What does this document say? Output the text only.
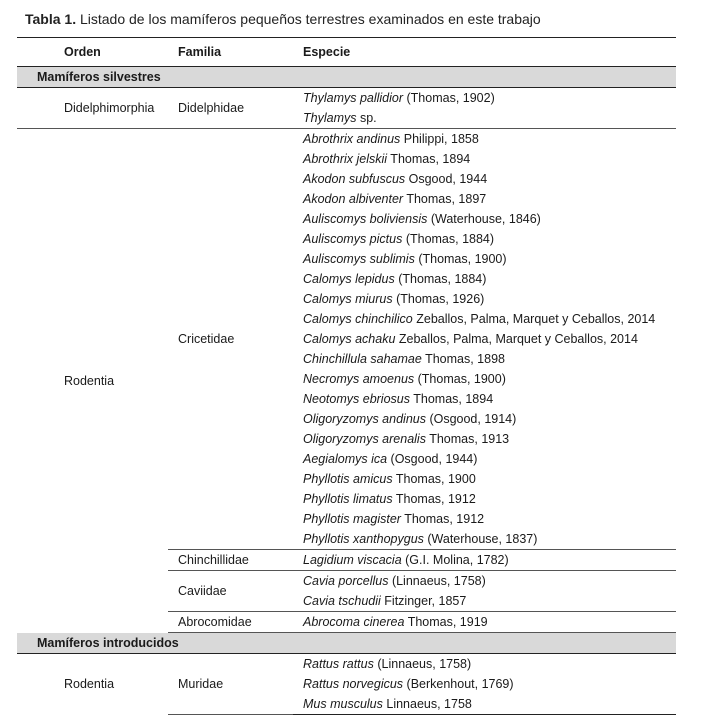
Tabla 1. Listado de los mamíferos pequeños terrestres examinados en este trabajo
Orden	Familia	Especie
Mamíferos silvestres		
Didelphimorphia	Didelphidae	Thylamys pallidior (Thomas, 1902)
		Thylamys sp.
Rodentia	Cricetidae	Abrothrix andinus Philippi, 1858
		Abrothrix jelskii Thomas, 1894
		Akodon subfuscus Osgood, 1944
		Akodon albiventer Thomas, 1897
		Auliscomys boliviensis (Waterhouse, 1846)
		Auliscomys pictus (Thomas, 1884)
		Auliscomys sublimis (Thomas, 1900)
		Calomys lepidus (Thomas, 1884)
		Calomys miurus (Thomas, 1926)
		Calomys chinchilico Zeballos, Palma, Marquet y Ceballos, 2014
		Calomys achaku Zeballos, Palma, Marquet y Ceballos, 2014
		Chinchillula sahamae Thomas, 1898
		Necromys amoenus (Thomas, 1900)
		Neotomys ebriosus Thomas, 1894
		Oligoryzomys andinus (Osgood, 1914)
		Oligoryzomys arenalis Thomas, 1913
		Aegialomys ica (Osgood, 1944)
		Phyllotis amicus Thomas, 1900
		Phyllotis limatus Thomas, 1912
		Phyllotis magister Thomas, 1912
		Phyllotis xanthopygus (Waterhouse, 1837)
	Chinchillidae	Lagidium viscacia (G.I. Molina, 1782)
	Caviidae	Cavia porcellus (Linnaeus, 1758)
		Cavia tschudii Fitzinger, 1857
	Abrocomidae	Abrocoma cinerea Thomas, 1919
Mamíferos introducidos		
Rodentia	Muridae	Rattus rattus (Linnaeus, 1758)
		Rattus norvegicus (Berkenhout, 1769)
		Mus musculus Linnaeus, 1758
